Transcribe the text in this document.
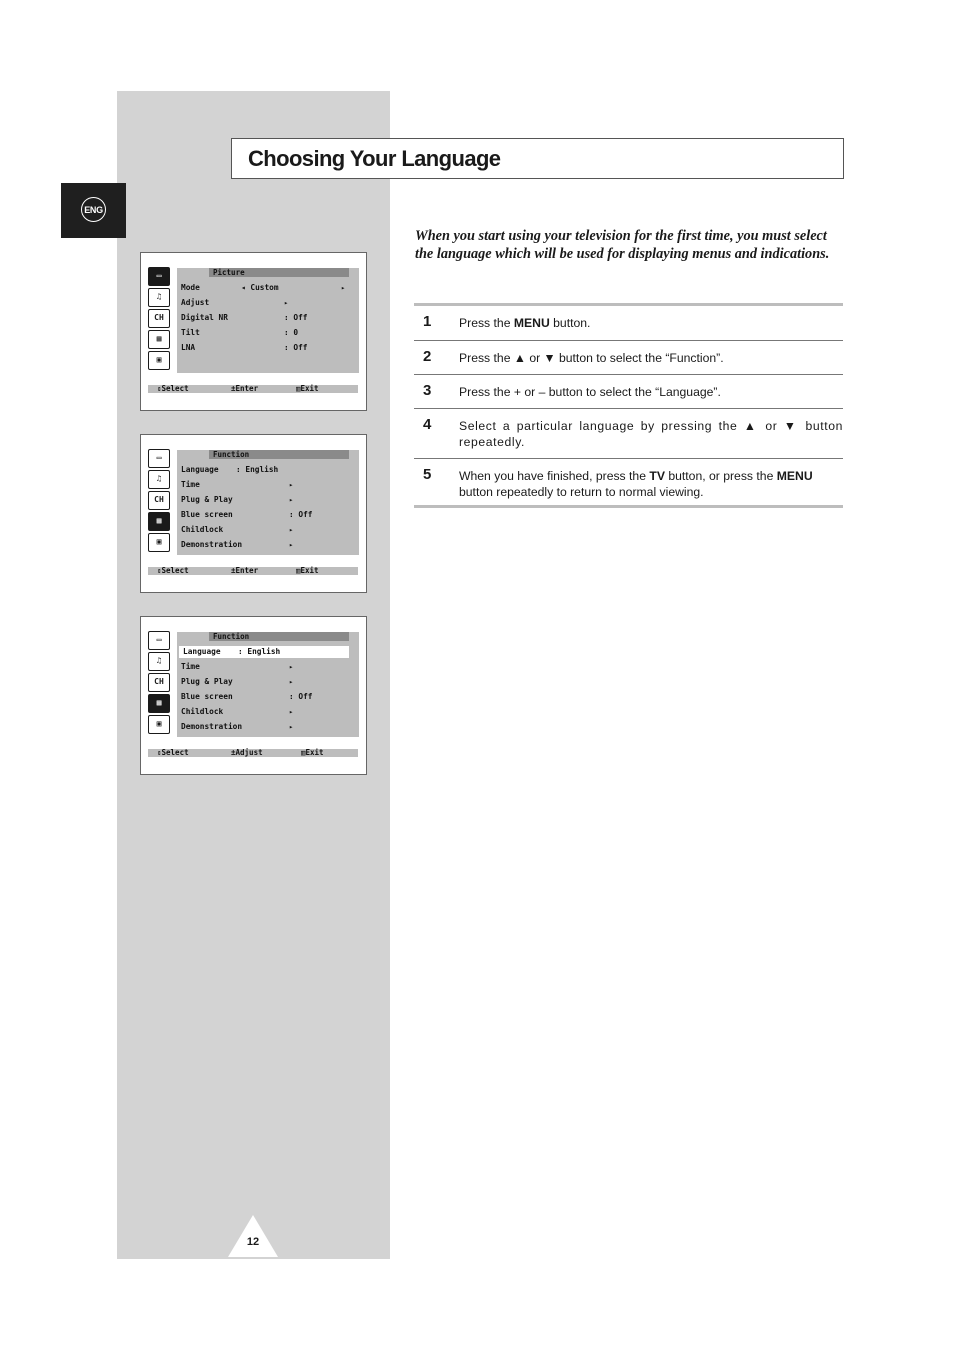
ENG
Choosing Your Language

When you start using your television for the first time, you must select the language which will be used for displaying menus and indications.

1 Press the MENU button.
2 Press the ▲ or ▼ button to select the “Function”.
3 Press the + or – button to select the “Language”.
4 Select a particular language by pressing the ▲ or ▼ button repeatedly.
5 When you have finished, press the TV button, or press the MENU button repeatedly to return to normal viewing.
▭
♫
CH
▦
▣
Picture
Mode	◂ Custom	▸
Adjust	▸
Digital NR	: Off
Tilt	: 0
LNA	: Off
⇕Select	±Enter	▥Exit
▭
♫
CH
▦
▣
Function
Language : English
Time	▸
Plug & Play	▸
Blue screen	: Off
Childlock	▸
Demonstration	▸
⇕Select	±Enter	▥Exit
▭
♫
CH
▦
▣
Function
Language : English
Time	▸
Plug & Play	▸
Blue screen	: Off
Childlock	▸
Demonstration	▸
⇕Select	±Adjust	▥Exit
12
